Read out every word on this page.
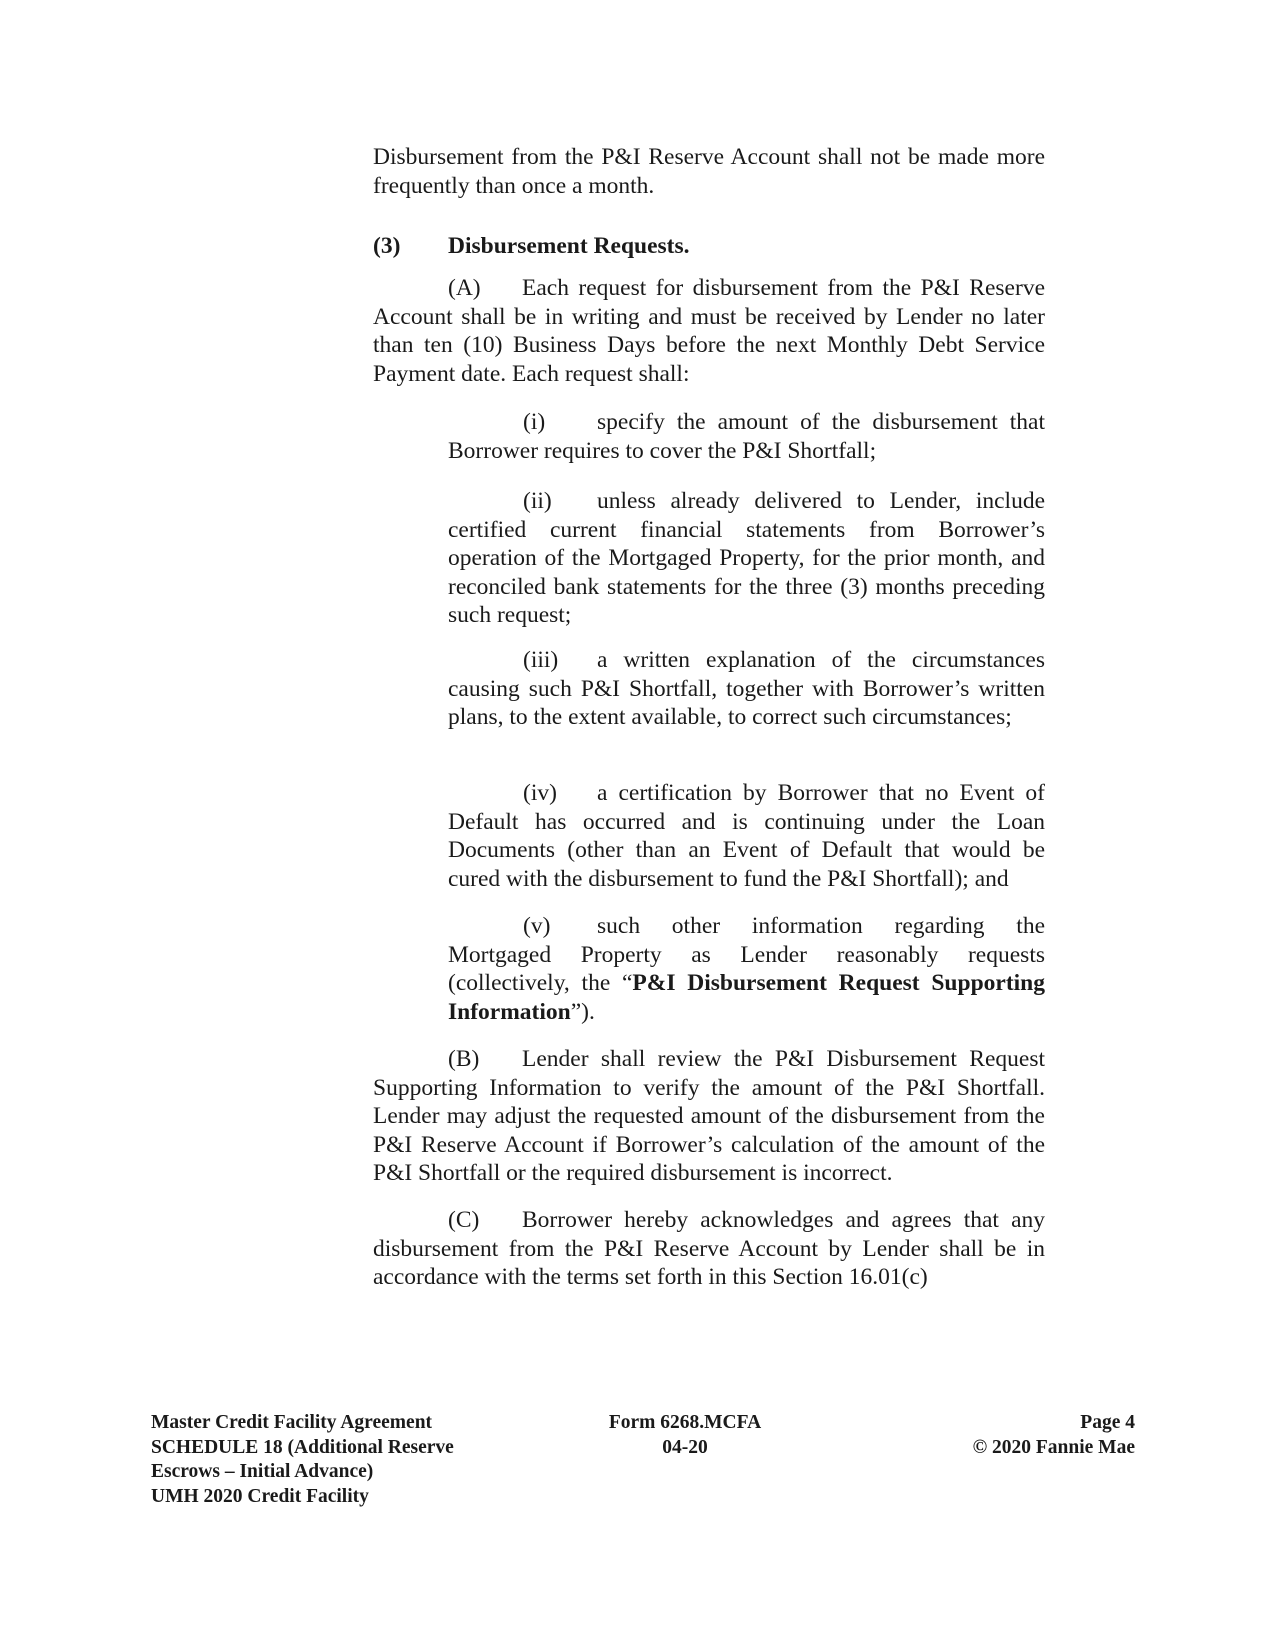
Disbursement from the P&I Reserve Account shall not be made more frequently than once a month.

(3) Disbursement Requests.

(A) Each request for disbursement from the P&I Reserve Account shall be in writing and must be received by Lender no later than ten (10) Business Days before the next Monthly Debt Service Payment date. Each request shall:

(i) specify the amount of the disbursement that Borrower requires to cover the P&I Shortfall;

(ii) unless already delivered to Lender, include certified current financial statements from Borrower’s operation of the Mortgaged Property, for the prior month, and reconciled bank statements for the three (3) months preceding such request;

(iii) a written explanation of the circumstances causing such P&I Shortfall, together with Borrower’s written plans, to the extent available, to correct such circumstances;

(iv) a certification by Borrower that no Event of Default has occurred and is continuing under the Loan Documents (other than an Event of Default that would be cured with the disbursement to fund the P&I Shortfall); and

(v) such other information regarding the Mortgaged Property as Lender reasonably requests (collectively, the “P&I Disbursement Request Supporting Information”).

(B) Lender shall review the P&I Disbursement Request Supporting Information to verify the amount of the P&I Shortfall. Lender may adjust the requested amount of the disbursement from the P&I Reserve Account if Borrower’s calculation of the amount of the P&I Shortfall or the required disbursement is incorrect.

(C) Borrower hereby acknowledges and agrees that any disbursement from the P&I Reserve Account by Lender shall be in accordance with the terms set forth in this Section 16.01(c)

Master Credit Facility Agreement
SCHEDULE 18 (Additional Reserve
Escrows – Initial Advance)
UMH 2020 Credit Facility
Form 6268.MCFA
04-20
Page 4
© 2020 Fannie Mae
